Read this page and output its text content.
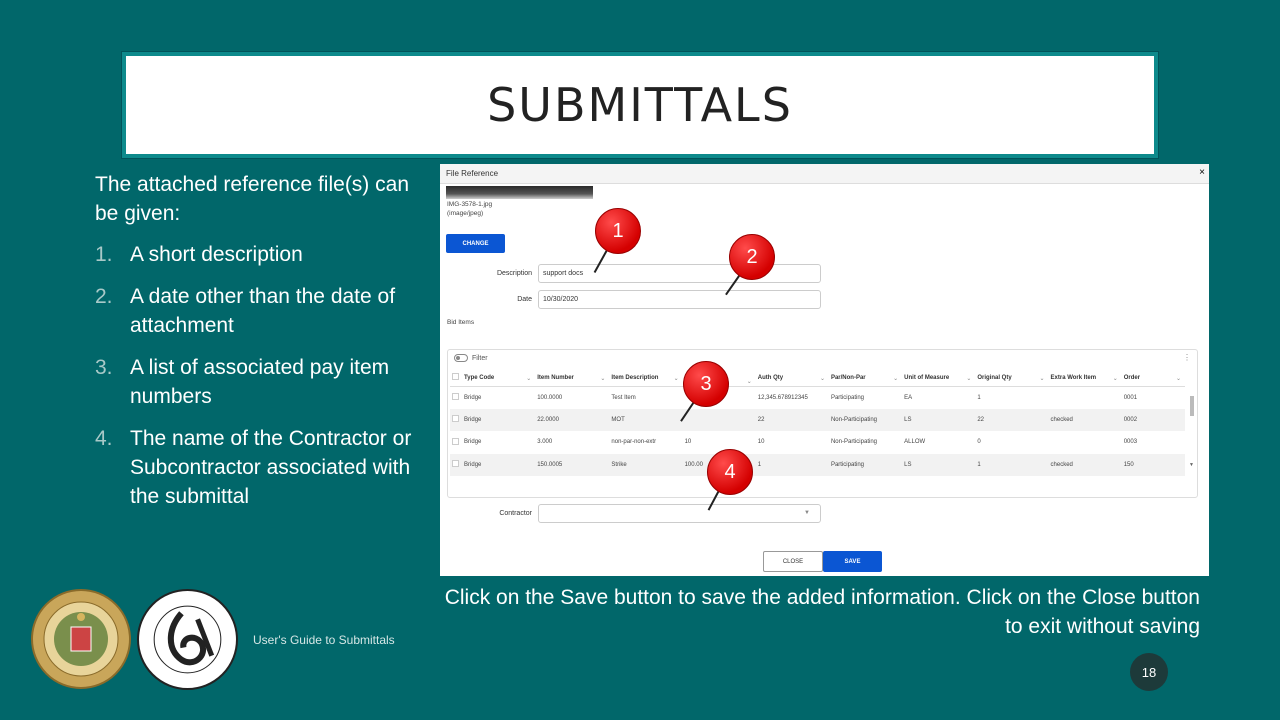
SUBMITTALS
The attached reference file(s) can be given:
1. A short description
2. A date other than the date of attachment
3. A list of associated pay item numbers
4. The name of the Contractor or Subcontractor associated with the submittal
File Reference	×
IMG-3578-1.jpg
(image/jpeg)
CHANGE
Description	support docs
Date	10/30/2020
Bid Items
Filter	⋮
	Type Code ⌄	Item Number ⌄	Item Description ⌄	⌄	Auth Qty ⌄	Par/Non-Par ⌄	Unit of Measure ⌄	Original Qty ⌄	Extra Work Item ⌄	Order ⌄

	Bridge	100.0000	Test Item		12,345.678912345	Participating	EA	1		0001
	Bridge	22.0000	MOT		22	Non-Participating	LS	22	checked	0002
	Bridge	3.000	non-par-non-extr	10	10	Non-Participating	ALLOW	0		0003
	Bridge	150.0005	Strike	100.00	1	Participating	LS	1	checked	150	▼
Contractor	▼
CLOSE	SAVE
1
2
3
4
Click on the Save button to save the added information. Click on the Close button to exit without saving
User's Guide to Submittals
18
